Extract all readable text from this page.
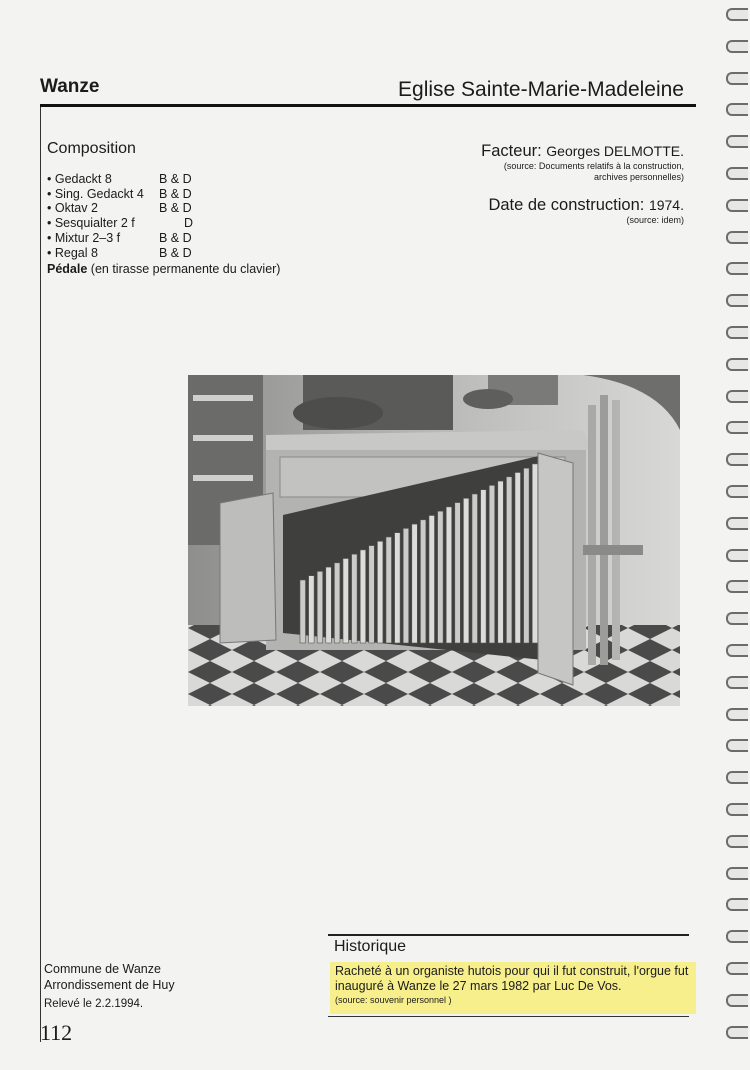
Wanze	Eglise Sainte-Marie-Madeleine
Composition
• Gedackt 8	B & D
• Sing. Gedackt 4	B & D
• Oktav 2	B & D
• Sesquialter 2 f	D
• Mixtur 2–3 f	B & D
• Regal 8	B & D
Pédale (en tirasse permanente du clavier)
Facteur: Georges DELMOTTE.
(source: Documents relatifs à la construction,
archives personnelles)
Date de construction: 1974.
(source: idem)
Historique
Racheté à un organiste hutois pour qui il fut construit, l'orgue fut inauguré à Wanze le 27 mars 1982 par Luc De Vos.
(source: souvenir personnel )
Commune de Wanze
Arrondissement de Huy
Relevé le 2.2.1994.
112
